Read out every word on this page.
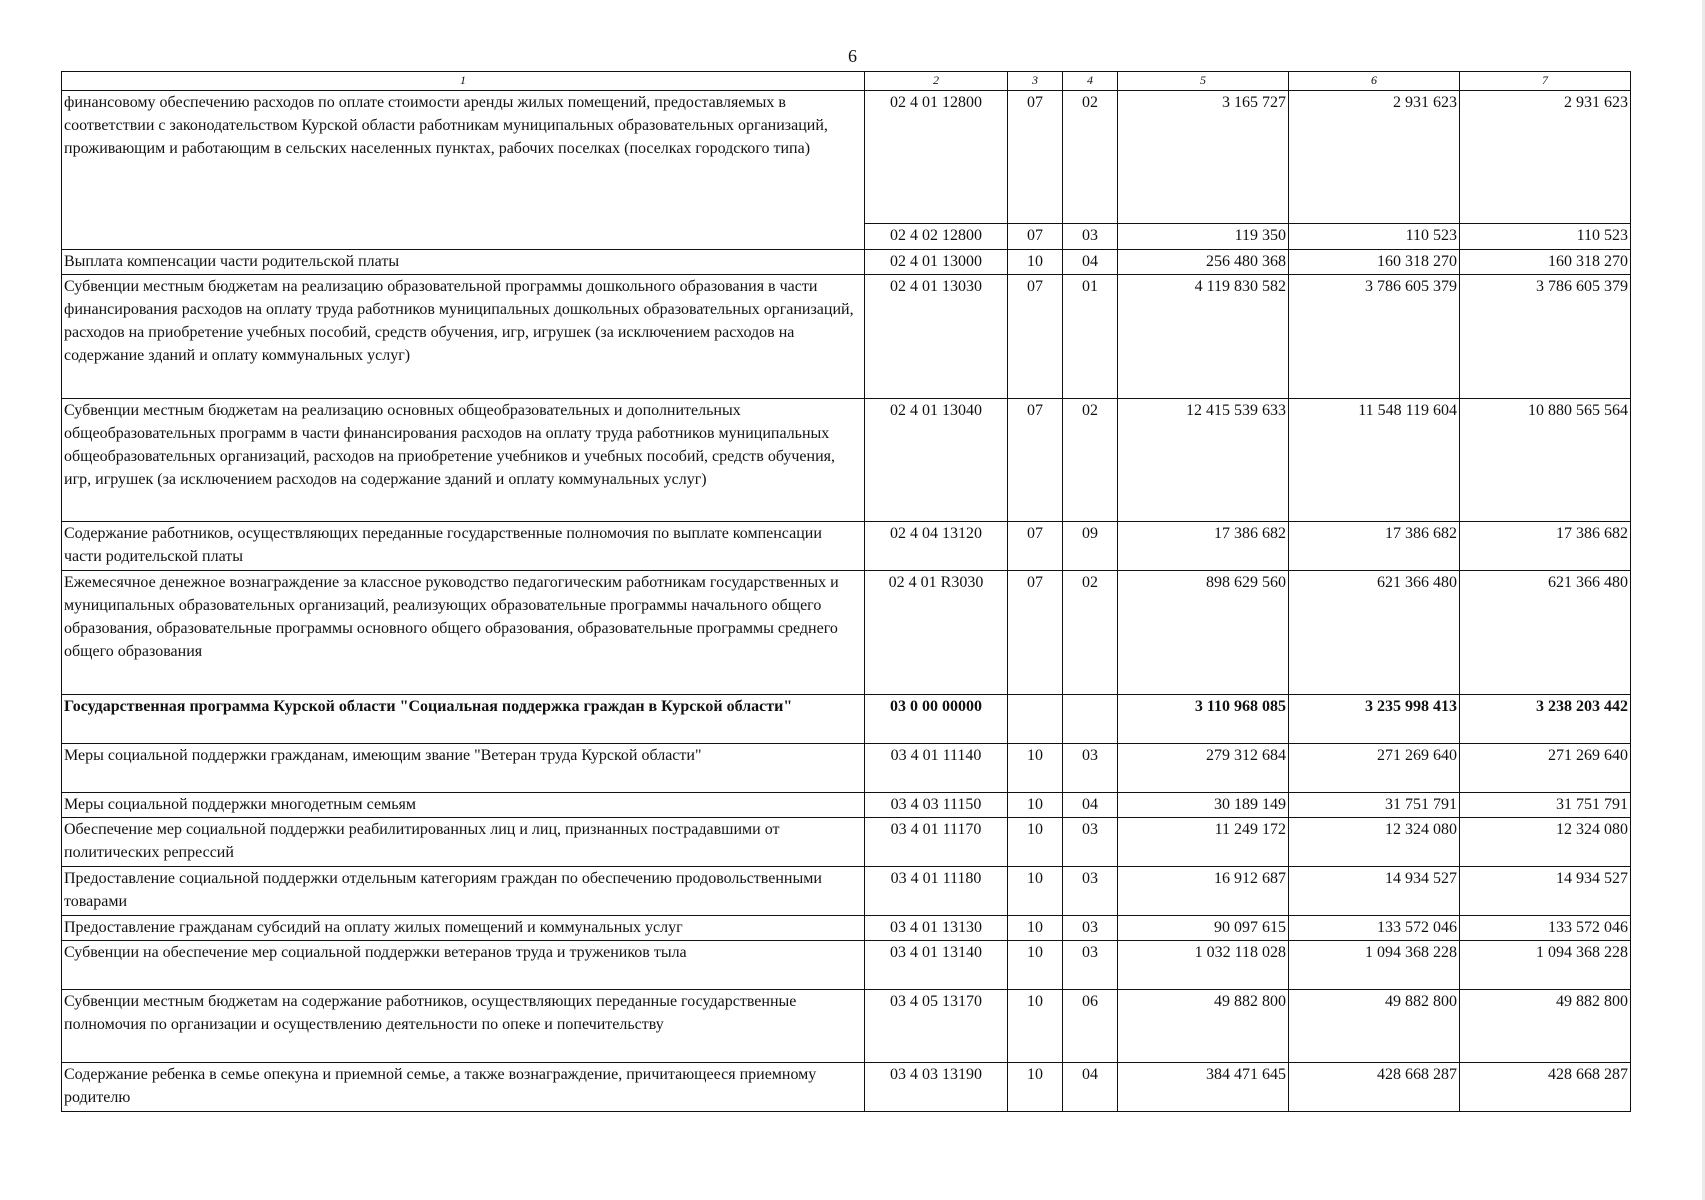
6
1	2	3	4	5	6	7
финансовому обеспечению расходов по оплате стоимости аренды жилых помещений, предоставляемых в соответствии с законодательством Курской области работникам муниципальных образовательных организаций, проживающим и работающим в сельских населенных пунктах, рабочих поселках (поселках городского типа)	02 4 01 12800	07	02	3 165 727	2 931 623	2 931 623
	02 4 02 12800	07	03	119 350	110 523	110 523
Выплата компенсации части родительской платы	02 4 01 13000	10	04	256 480 368	160 318 270	160 318 270
Субвенции местным бюджетам на реализацию образовательной программы дошкольного образования в части финансирования расходов на оплату труда работников муниципальных дошкольных образовательных организаций, расходов на приобретение учебных пособий, средств обучения, игр, игрушек (за исключением расходов на содержание зданий и оплату коммунальных услуг)	02 4 01 13030	07	01	4 119 830 582	3 786 605 379	3 786 605 379
Субвенции местным бюджетам на реализацию основных общеобразовательных и дополнительных общеобразовательных программ в части финансирования расходов на оплату труда работников муниципальных общеобразовательных организаций, расходов на приобретение учебников и учебных пособий, средств обучения, игр, игрушек (за исключением расходов на содержание зданий и оплату коммунальных услуг)	02 4 01 13040	07	02	12 415 539 633	11 548 119 604	10 880 565 564
Содержание работников, осуществляющих переданные государственные полномочия по выплате компенсации части родительской платы	02 4 04 13120	07	09	17 386 682	17 386 682	17 386 682
Ежемесячное денежное вознаграждение за классное руководство педагогическим работникам государственных и муниципальных образовательных организаций, реализующих образовательные программы начального общего образования, образовательные программы основного общего образования, образовательные программы среднего общего образования	02 4 01 R3030	07	02	898 629 560	621 366 480	621 366 480
Государственная программа Курской области "Социальная поддержка граждан в Курской области"	03 0 00 00000			3 110 968 085	3 235 998 413	3 238 203 442
Меры социальной поддержки гражданам, имеющим звание "Ветеран труда Курской области"	03 4 01 11140	10	03	279 312 684	271 269 640	271 269 640
Меры социальной поддержки многодетным семьям	03 4 03 11150	10	04	30 189 149	31 751 791	31 751 791
Обеспечение мер социальной поддержки реабилитированных лиц и лиц, признанных пострадавшими от политических репрессий	03 4 01 11170	10	03	11 249 172	12 324 080	12 324 080
Предоставление социальной поддержки отдельным категориям граждан по обеспечению продовольственными товарами	03 4 01 11180	10	03	16 912 687	14 934 527	14 934 527
Предоставление гражданам субсидий на оплату жилых помещений и коммунальных услуг	03 4 01 13130	10	03	90 097 615	133 572 046	133 572 046
Субвенции на обеспечение мер социальной поддержки ветеранов труда и тружеников тыла	03 4 01 13140	10	03	1 032 118 028	1 094 368 228	1 094 368 228
Субвенции местным бюджетам на содержание работников, осуществляющих переданные государственные полномочия по организации и осуществлению деятельности по опеке и попечительству	03 4 05 13170	10	06	49 882 800	49 882 800	49 882 800
Содержание ребенка в семье опекуна и приемной семье, а также вознаграждение, причитающееся приемному родителю	03 4 03 13190	10	04	384 471 645	428 668 287	428 668 287
